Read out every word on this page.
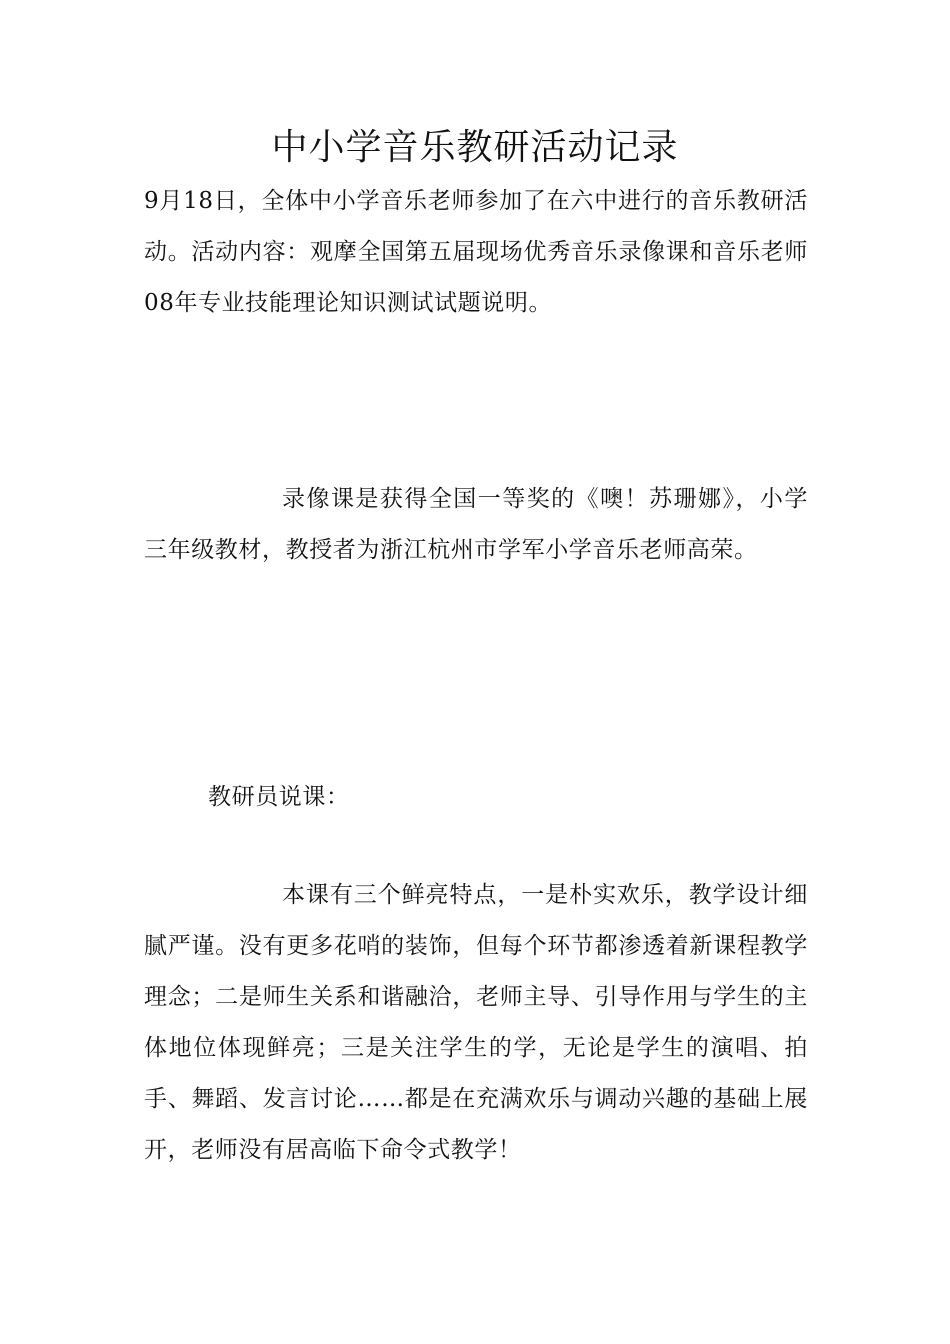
中小学音乐教研活动记录
9月18日，全体中小学音乐老师参加了在六中进行的音乐教研活动。活动内容：观摩全国第五届现场优秀音乐录像课和音乐老师08年专业技能理论知识测试试题说明。
录像课是获得全国一等奖的《噢！苏珊娜》，小学三年级教材，教授者为浙江杭州市学军小学音乐老师高荣。
教研员说课：
本课有三个鲜亮特点，一是朴实欢乐，教学设计细腻严谨。没有更多花哨的装饰，但每个环节都渗透着新课程教学理念；二是师生关系和谐融洽，老师主导、引导作用与学生的主体地位体现鲜亮；三是关注学生的学，无论是学生的演唱、拍手、舞蹈、发言讨论……都是在充满欢乐与调动兴趣的基础上展开，老师没有居高临下命令式教学！
